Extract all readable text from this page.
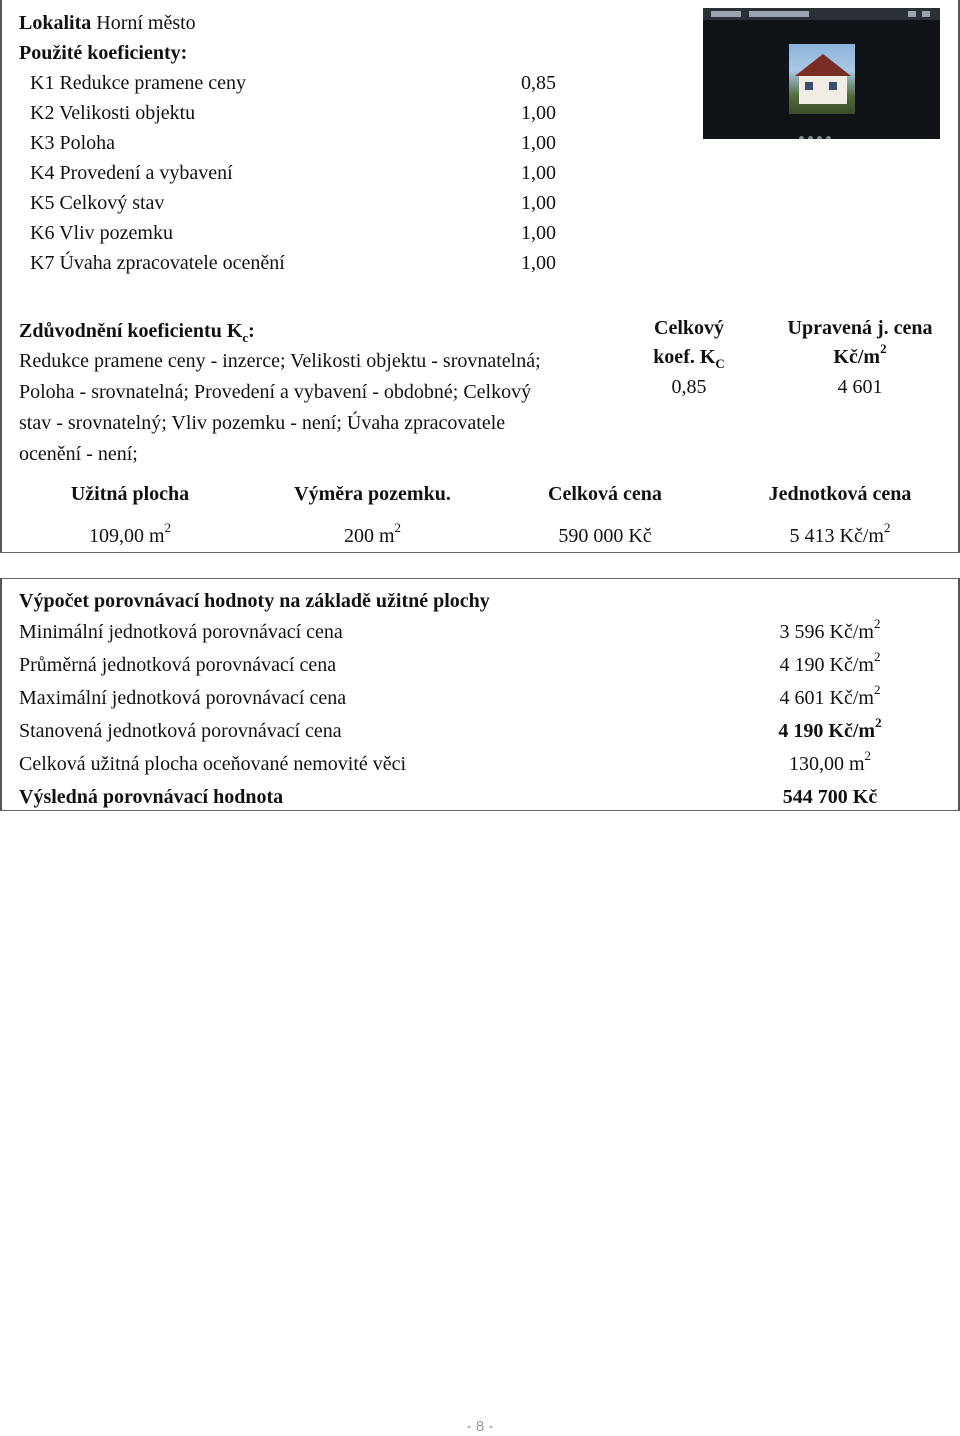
Lokalita Horní město
Použité koeficienty:
K1 Redukce pramene ceny	0,85
K2 Velikosti objektu	1,00
K3 Poloha	1,00
K4 Provedení a vybavení	1,00
K5 Celkový stav	1,00
K6 Vliv pozemku	1,00
K7 Úvaha zpracovatele ocenění	1,00
Zdůvodnění koeficientu $K_c$:
Redukce pramene ceny - inzerce; Velikosti objektu - srovnatelná;
Poloha - srovnatelná; Provedení a vybavení - obdobné; Celkový
stav - srovnatelný; Vliv pozemku - není; Úvaha zpracovatele
ocenění - není;
Celkový
koef. $K_C$
0,85
Upravená j. cena
$Kč/m^2$
4 601
Užitná plocha	Výměra pozemku.	Celková cena	Jednotková cena
109,00 $m^2$	200 $m^2$	590 000 Kč	5 413 $Kč/m^2$
Výpočet porovnávací hodnoty na základě užitné plochy
Minimální jednotková porovnávací cena	3 596 $Kč/m^2$
Průměrná jednotková porovnávací cena	4 190 $Kč/m^2$
Maximální jednotková porovnávací cena	4 601 $Kč/m^2$
Stanovená jednotková porovnávací cena	4 190 $Kč/m^2$
Celková užitná plocha oceňované nemovité věci	130,00 $m^2$
Výsledná porovnávací hodnota	544 700 Kč
- 8 -
